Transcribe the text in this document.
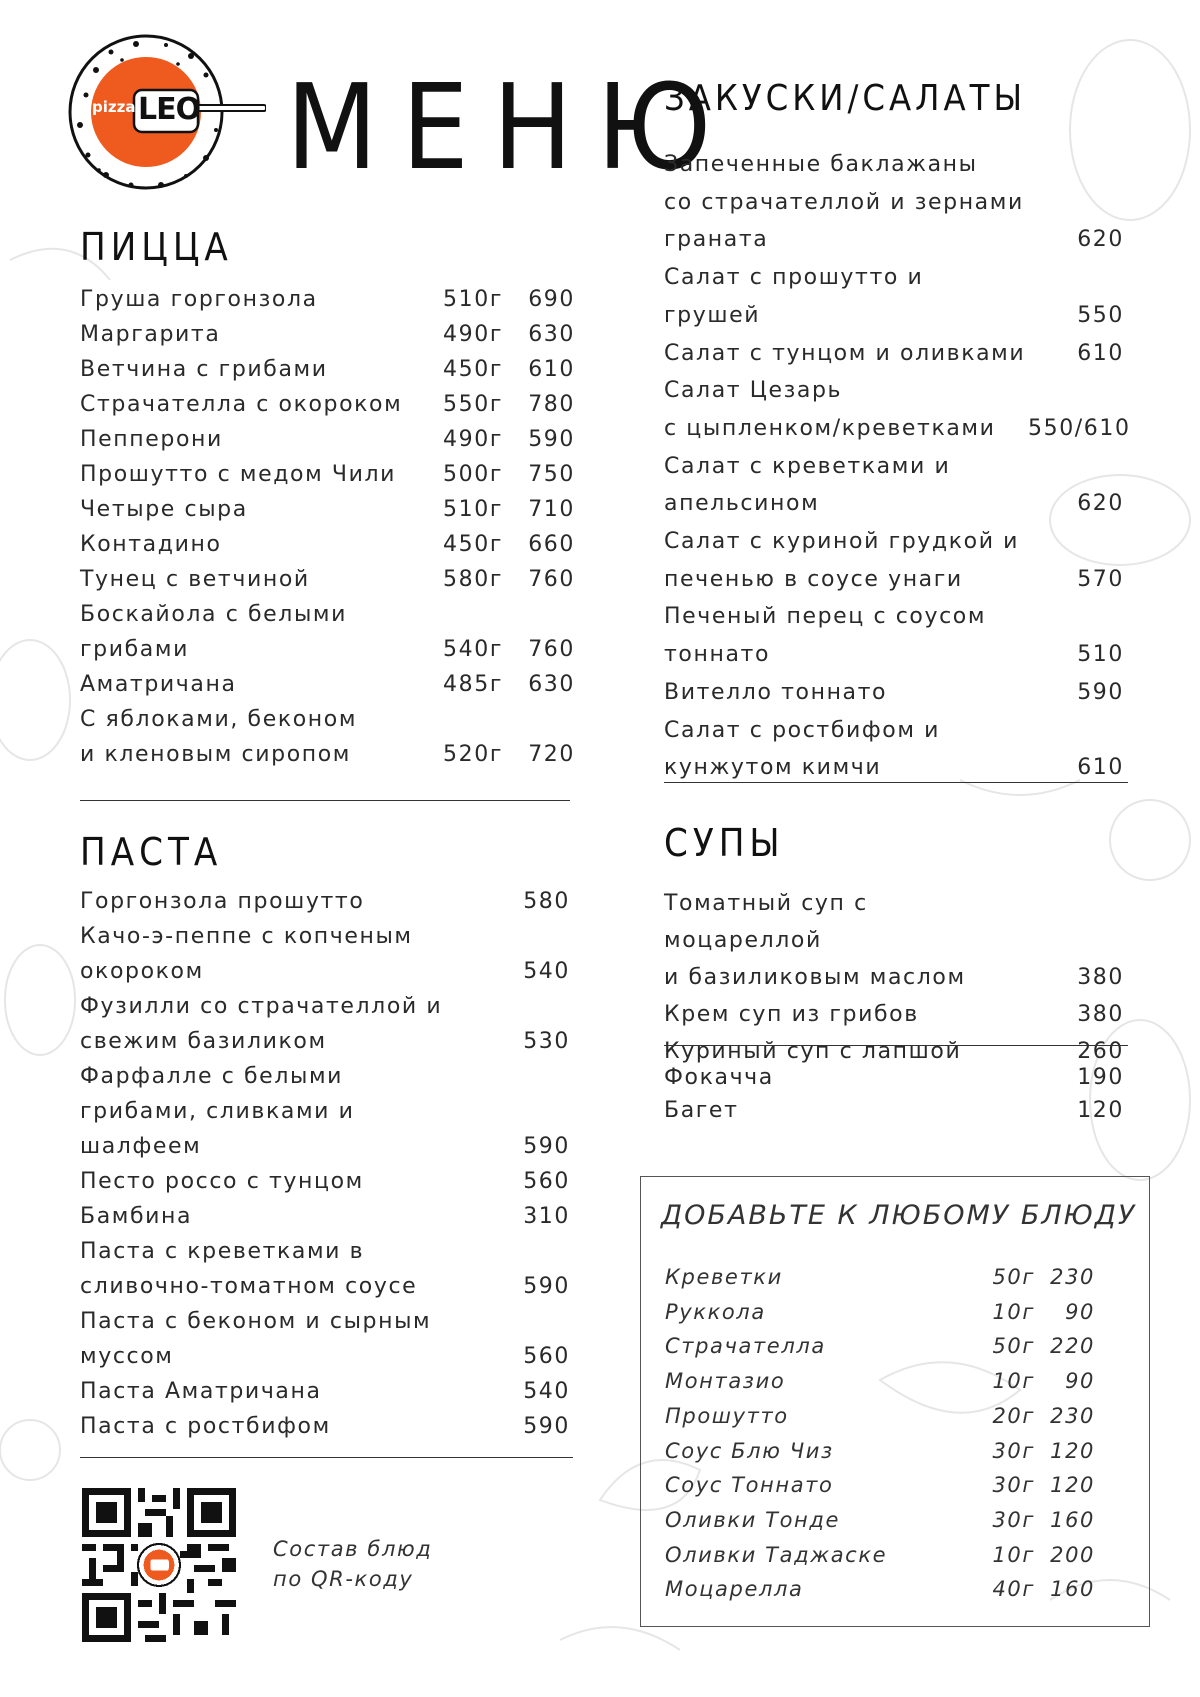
pizza LEO МЕНЮ
ПИЦЦА
Груша горгонзола	510г	690
Маргарита	490г	630
Ветчина с грибами	450г	610
Страчателла с окороком	550г	780
Пепперони	490г	590
Прошутто с медом Чили	500г	750
Четыре сыра	510г	710
Контадино	450г	660
Тунец с ветчиной	580г	760
Боскайола с белыми
грибами	540г	760
Аматричана	485г	630
С яблоками, беконом
и кленовым сиропом	520г	720
ПАСТА
Горгонзола прошутто	580
Качо-э-пеппе с копченым
окороком	540
Фузилли со страчателлой и
свежим базиликом	530
Фарфалле с белыми
грибами, сливками и
шалфеем	590
Песто россо с тунцом	560
Бамбина	310
Паста с креветками в
сливочно-томатном соусе	590
Паста с беконом и сырным
муссом	560
Паста Аматричана	540
Паста с ростбифом	590
Состав блюд
по QR-коду
ЗАКУСКИ/САЛАТЫ
Запеченные баклажаны
со страчателлой и зернами
граната	620
Салат с прошутто и грушей	550
Салат с тунцом и оливками	610
Салат Цезарь
с цыпленком/креветками	550/610
Салат с креветками и
апельсином	620
Салат с куриной грудкой и
печенью в соусе унаги	570
Печеный перец с соусом
тоннато	510
Вителло тоннато	590
Салат с ростбифом и
кунжутом кимчи	610
СУПЫ
Томатный суп с моцареллой
и базиликовым маслом	380
Крем суп из грибов	380
Куриный суп с лапшой	260
Фокачча	190
Багет	120
ДОБАВЬТЕ К ЛЮБОМУ БЛЮДУ
Креветки	50г 230
Руккола	10г	90
Страчателла	50г 220
Монтазио	10г	90
Прошутто	20г 230
Соус Блю Чиз	30г 120
Соус Тоннато	30г 120
Оливки Тонде	30г 160
Оливки Таджаске	10г 200
Моцарелла	40г 160
